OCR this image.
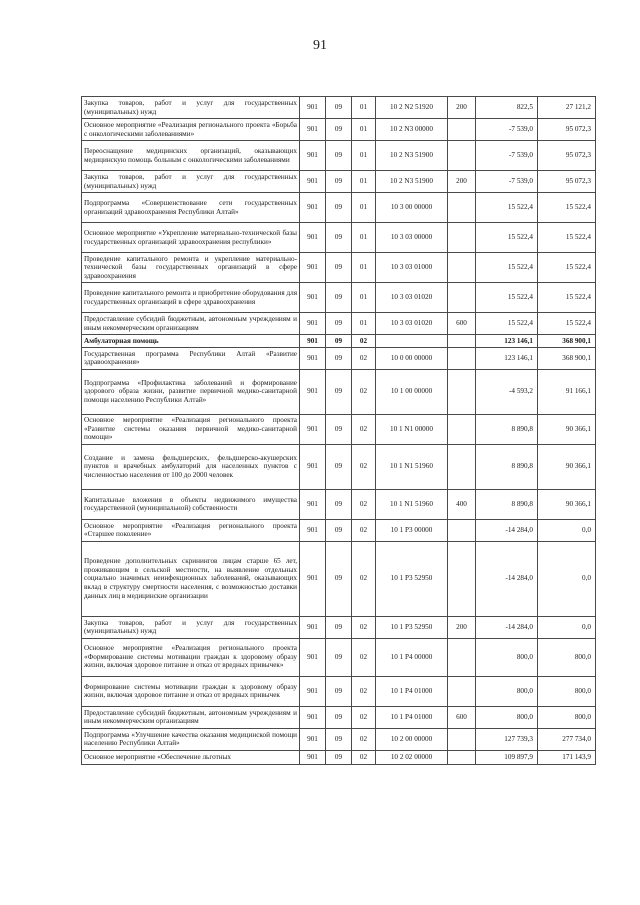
91
Закупка товаров, работ и услуг для государственных (муниципальных) нужд	901	09	01	10 2 N2 51920	200	822,5	27 121,2
Основное мероприятие «Реализация регионального проекта «Борьба с онкологическими заболеваниями»	901	09	01	10 2 N3 00000		-7 539,0	95 072,3
Переоснащение медицинских организаций, оказывающих медицинскую помощь больным с онкологическими заболеваниями	901	09	01	10 2 N3 51900		-7 539,0	95 072,3
Закупка товаров, работ и услуг для государственных (муниципальных) нужд	901	09	01	10 2 N3 51900	200	-7 539,0	95 072,3
Подпрограмма «Совершенствование сети государственных организаций здравоохранения Республики Алтай»	901	09	01	10 3 00 00000		15 522,4	15 522,4
Основное мероприятие «Укрепление материально-технической базы государственных организаций здравоохранения республики»	901	09	01	10 3 03 00000		15 522,4	15 522,4
Проведение капитального ремонта и укрепление материально-технической базы государственных организаций в сфере здравоохранения	901	09	01	10 3 03 01000		15 522,4	15 522,4
Проведение капитального ремонта и приобретение оборудования для государственных организаций в сфере здравоохранения	901	09	01	10 3 03 01020		15 522,4	15 522,4
Предоставление субсидий бюджетным, автономным учреждениям и иным некоммерческим организациям	901	09	01	10 3 03 01020	600	15 522,4	15 522,4
Амбулаторная помощь	901	09	02			123 146,1	368 900,1
Государственная программа Республики Алтай «Развитие здравоохранения»	901	09	02	10 0 00 00000		123 146,1	368 900,1
Подпрограмма «Профилактика заболеваний и формирование здорового образа жизни, развитие первичной медико-санитарной помощи населению Республики Алтай»	901	09	02	10 1 00 00000		-4 593,2	91 166,1
Основное мероприятие «Реализация регионального проекта «Развитие системы оказания первичной медико-санитарной помощи»	901	09	02	10 1 N1 00000		8 890,8	90 366,1
Создание и замена фельдшерских, фельдшерско-акушерских пунктов и врачебных амбулаторий для населенных пунктов с численностью населения от 100 до 2000 человек	901	09	02	10 1 N1 51960		8 890,8	90 366,1
Капитальные вложения в объекты недвижимого имущества государственной (муниципальной) собственности	901	09	02	10 1 N1 51960	400	8 890,8	90 366,1
Основное мероприятие «Реализация регионального проекта «Старшее поколение»	901	09	02	10 1 P3 00000		-14 284,0	0,0
Проведение дополнительных скринингов лицам старше 65 лет, проживающим в сельской местности, на выявление отдельных социально значимых неинфекционных заболеваний, оказывающих вклад в структуру смертности населения, с возможностью доставки данных лиц в медицинские организации	901	09	02	10 1 P3 52950		-14 284,0	0,0
Закупка товаров, работ и услуг для государственных (муниципальных) нужд	901	09	02	10 1 P3 52950	200	-14 284,0	0,0
Основное мероприятие «Реализация регионального проекта «Формирование системы мотивации граждан к здоровому образу жизни, включая здоровое питание и отказ от вредных привычек»	901	09	02	10 1 P4 00000		800,0	800,0
Формирование системы мотивации граждан к здоровому образу жизни, включая здоровое питание и отказ от вредных привычек	901	09	02	10 1 P4 01000		800,0	800,0
Предоставление субсидий бюджетным, автономным учреждениям и иным некоммерческим организациям	901	09	02	10 1 P4 01000	600	800,0	800,0
Подпрограмма «Улучшение качества оказания медицинской помощи населению Республики Алтай»	901	09	02	10 2 00 00000		127 739,3	277 734,0
Основное мероприятие «Обеспечение льготных	901	09	02	10 2 02 00000		109 897,9	171 143,9
